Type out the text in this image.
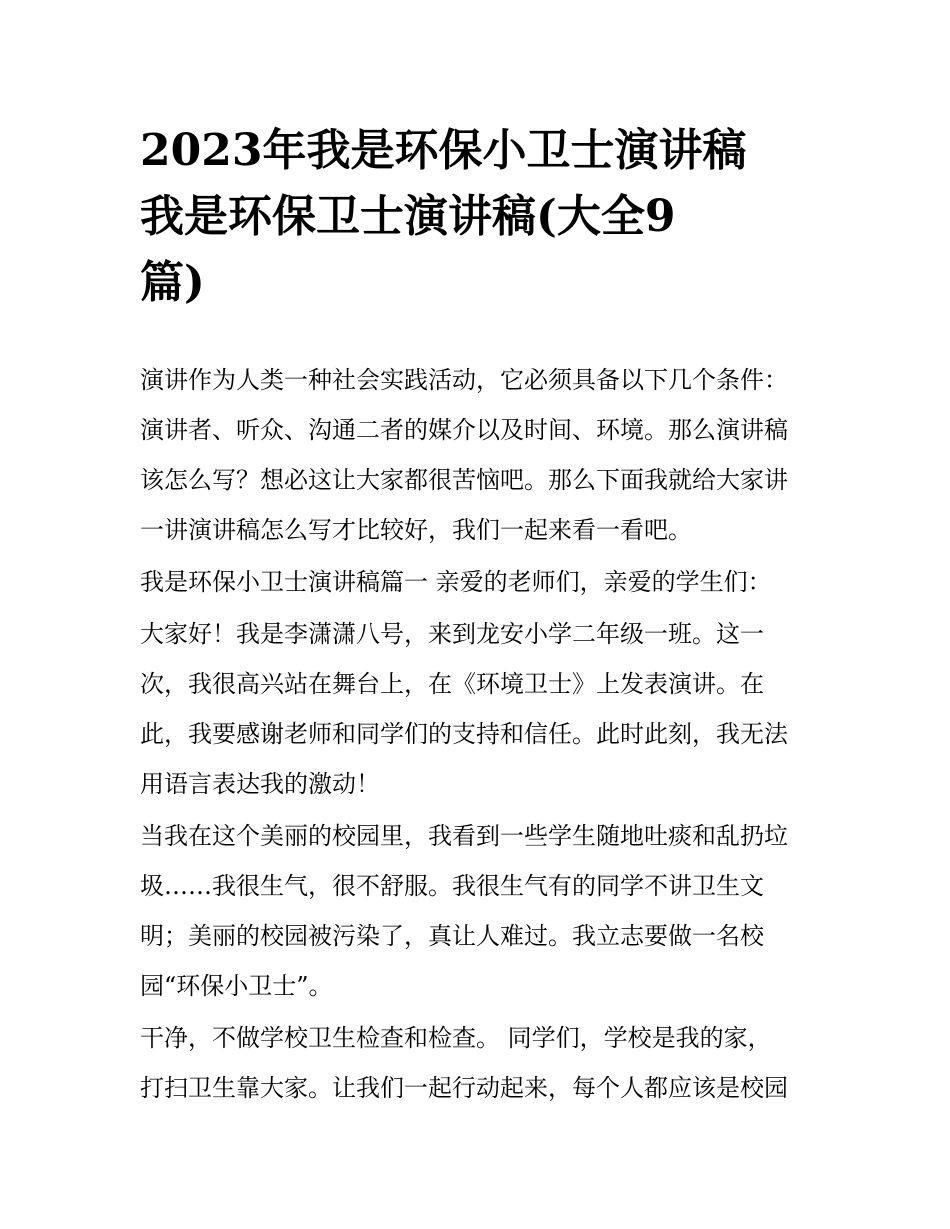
2023年我是环保小卫士演讲稿
我是环保卫士演讲稿(大全9
篇)

演讲作为人类一种社会实践活动，它必须具备以下几个条件：
演讲者、听众、沟通二者的媒介以及时间、环境。那么演讲稿
该怎么写？想必这让大家都很苦恼吧。那么下面我就给大家讲
一讲演讲稿怎么写才比较好，我们一起来看一看吧。

我是环保小卫士演讲稿篇一 亲爱的老师们，亲爱的学生们：

大家好！我是李潇潇八号，来到龙安小学二年级一班。这一
次，我很高兴站在舞台上，在《环境卫士》上发表演讲。在
此，我要感谢老师和同学们的支持和信任。此时此刻，我无法
用语言表达我的激动！

当我在这个美丽的校园里，我看到一些学生随地吐痰和乱扔垃
圾……我很生气，很不舒服。我很生气有的同学不讲卫生文
明；美丽的校园被污染了，真让人难过。我立志要做一名校
园“环保小卫士”。

干净，不做学校卫生检查和检查。 同学们，学校是我的家，
打扫卫生靠大家。让我们一起行动起来，每个人都应该是校园
